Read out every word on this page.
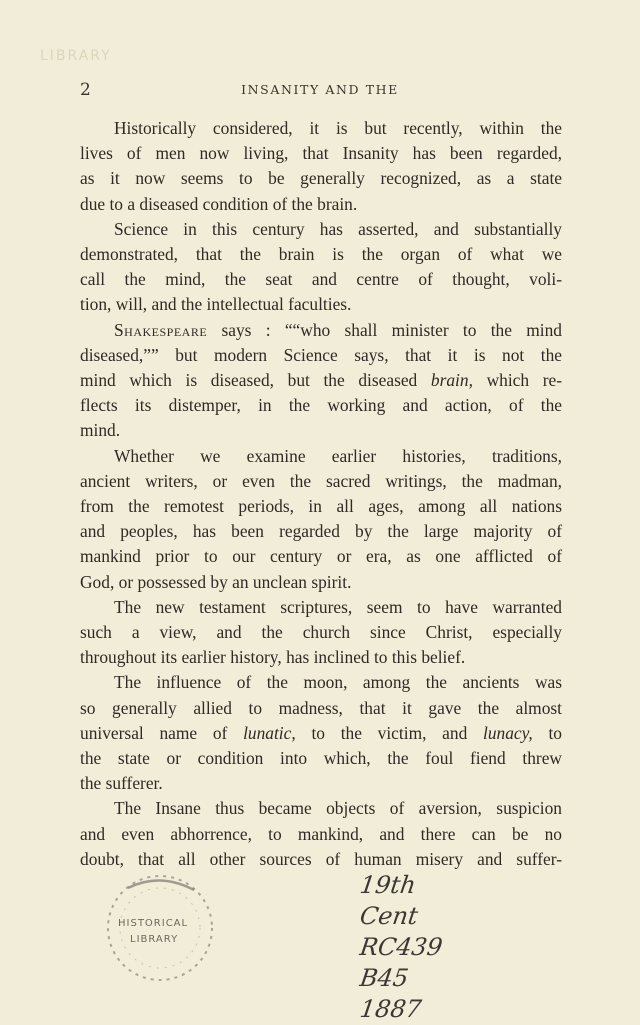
LIBRARY
2	INSANITY AND THE

Historically considered, it is but recently, within the
lives of men now living, that Insanity has been regarded,
as it now seems to be generally recognized, as a state
due to a diseased condition of the brain.

Science in this century has asserted, and substantially
demonstrated, that the brain is the organ of what we
call the mind, the seat and centre of thought, voli-
tion, will, and the intellectual faculties.

Shakespeare says : ““who shall minister to the mind
diseased,”” but modern Science says, that it is not the
mind which is diseased, but the diseased brain, which re-
flects its distemper, in the working and action, of the
mind.

Whether we examine earlier histories, traditions,
ancient writers, or even the sacred writings, the madman,
from the remotest periods, in all ages, among all nations
and peoples, has been regarded by the large majority of
mankind prior to our century or era, as one afflicted of
God, or possessed by an unclean spirit.

The new testament scriptures, seem to have warranted
such a view, and the church since Christ, especially
throughout its earlier history, has inclined to this belief.

The influence of the moon, among the ancients was
so generally allied to madness, that it gave the almost
universal name of lunatic, to the victim, and lunacy, to
the state or condition into which, the foul fiend threw
the sufferer.

The Insane thus became objects of aversion, suspicion
and even abhorrence, to mankind, and there can be no
doubt, that all other sources of human misery and suffer-

HISTORICAL
LIBRARY
19th
Cent
RC439
B45
1887
